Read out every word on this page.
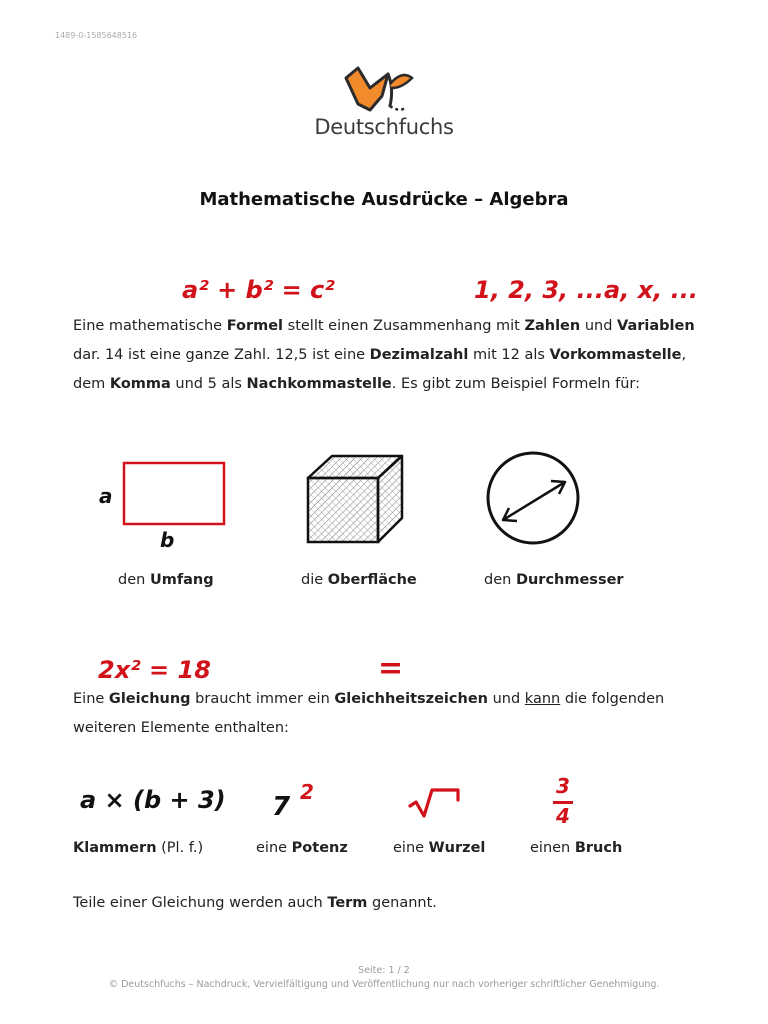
1489-0-1585648516
Deutschfuchs
Mathematische Ausdrücke – Algebra
a² + b² = c²	1, 2, 3, ... a, x, ...
Eine mathematische Formel stellt einen Zusammenhang mit Zahlen und Variablen
dar. 14 ist eine ganze Zahl. 12,5 ist eine Dezimalzahl mit 12 als Vorkommastelle,
dem Komma und 5 als Nachkommastelle. Es gibt zum Beispiel Formeln für:
a
b
den Umfang	die Oberfläche	den Durchmesser
2x² = 18	=
Eine Gleichung braucht immer ein Gleichheitszeichen und kann die folgenden
weiteren Elemente enthalten:
a × (b + 3) 7 2	3
4
Klammern (Pl. f.)	eine Potenz	eine Wurzel	einen Bruch
Teile einer Gleichung werden auch Term genannt.
Seite: 1 / 2
© Deutschfuchs – Nachdruck, Vervielfältigung und Veröffentlichung nur nach vorheriger schriftlicher Genehmigung.
